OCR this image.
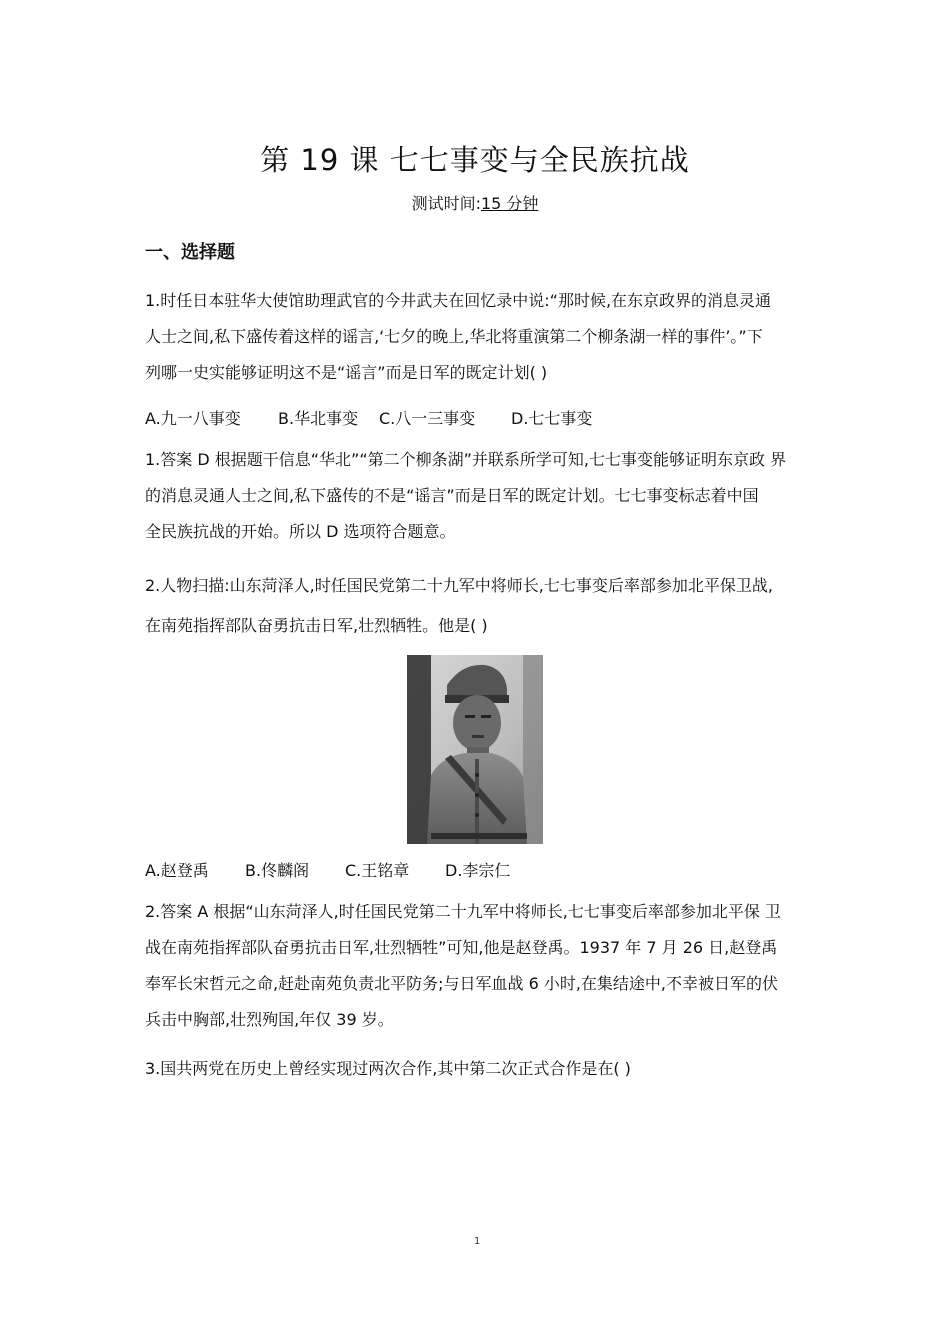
第 19 课 七七事变与全民族抗战
测试时间:15 分钟
一、选择题
1.时任日本驻华大使馆助理武官的今井武夫在回忆录中说:“那时候,在东京政界的消息灵通
人士之间,私下盛传着这样的谣言,‘七夕的晚上,华北将重演第二个柳条湖一样的事件’。”下
列哪一史实能够证明这不是“谣言”而是日军的既定计划( )
A.九一八事变 B.华北事变 C.八一三事变 D.七七事变
1.答案 D 根据题干信息“华北”“第二个柳条湖”并联系所学可知,七七事变能够证明东京政 界
的消息灵通人士之间,私下盛传的不是“谣言”而是日军的既定计划。七七事变标志着中国
全民族抗战的开始。所以 D 选项符合题意。
2.人物扫描:山东菏泽人,时任国民党第二十九军中将师长,七七事变后率部参加北平保卫战,
在南苑指挥部队奋勇抗击日军,壮烈牺牲。他是( )
A.赵登禹 B.佟麟阁 C.王铭章 D.李宗仁
2.答案 A 根据“山东菏泽人,时任国民党第二十九军中将师长,七七事变后率部参加北平保 卫
战在南苑指挥部队奋勇抗击日军,壮烈牺牲”可知,他是赵登禹。1937 年 7 月 26 日,赵登禹
奉军长宋哲元之命,赶赴南苑负责北平防务;与日军血战 6 小时,在集结途中,不幸被日军的伏
兵击中胸部,壮烈殉国,年仅 39 岁。
3.国共两党在历史上曾经实现过两次合作,其中第二次正式合作是在( )
1
